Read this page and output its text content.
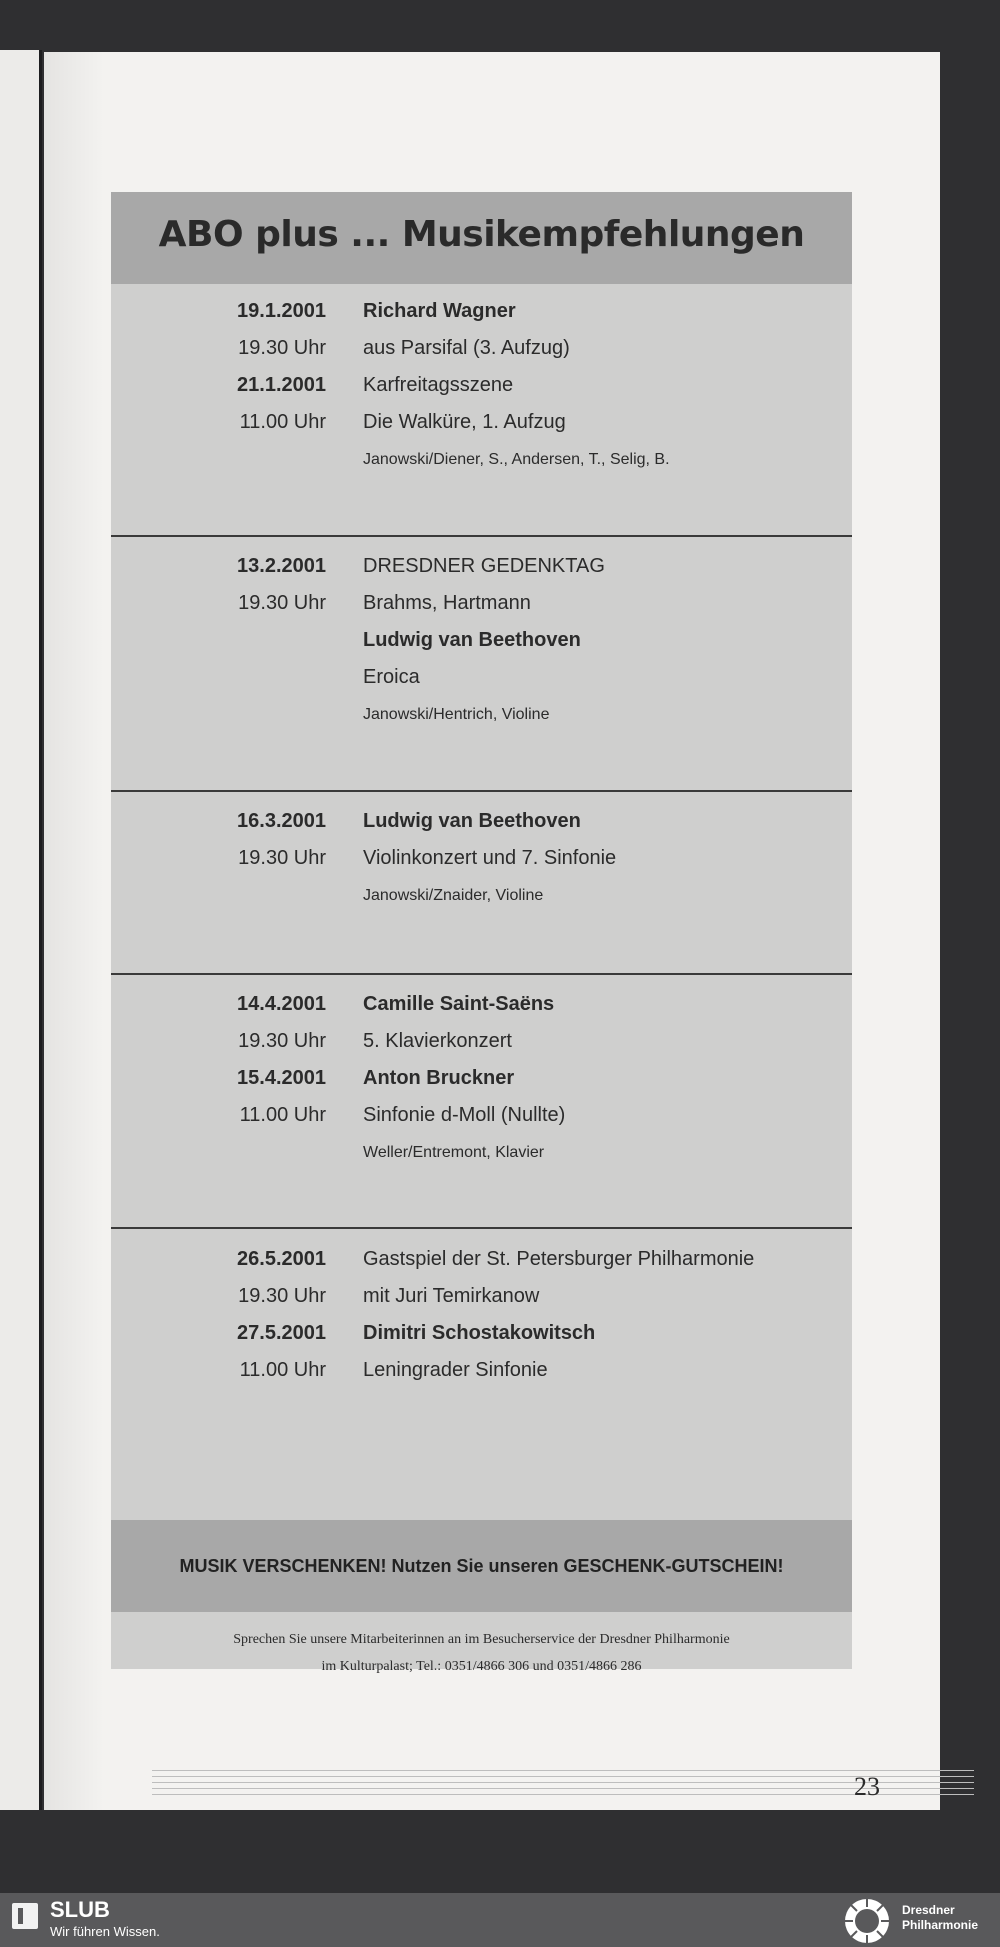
ABO plus ... Musikempfehlungen
19.1.2001 Richard Wagner
19.30 Uhr aus Parsifal (3. Aufzug)
21.1.2001 Karfreitagsszene
11.00 Uhr Die Walküre, 1. Aufzug
Janowski/Diener, S., Andersen, T., Selig, B.
13.2.2001 DRESDNER GEDENKTAG
19.30 Uhr Brahms, Hartmann
Ludwig van Beethoven
Eroica
Janowski/Hentrich, Violine
16.3.2001 Ludwig van Beethoven
19.30 Uhr Violinkonzert und 7. Sinfonie
Janowski/Znaider, Violine
14.4.2001 Camille Saint-Saëns
19.30 Uhr 5. Klavierkonzert
15.4.2001 Anton Bruckner
11.00 Uhr Sinfonie d-Moll (Nullte)
Weller/Entremont, Klavier
26.5.2001 Gastspiel der St. Petersburger Philharmonie
19.30 Uhr mit Juri Temirkanow
27.5.2001 Dimitri Schostakowitsch
11.00 Uhr Leningrader Sinfonie
MUSIK VERSCHENKEN! Nutzen Sie unseren GESCHENK-GUTSCHEIN!
Sprechen Sie unsere Mitarbeiterinnen an im Besucherservice der Dresdner Philharmonie
im Kulturpalast; Tel.: 0351/4866 306 und 0351/4866 286
23
SLUB
Wir führen Wissen.
Dresdner
Philharmonie
